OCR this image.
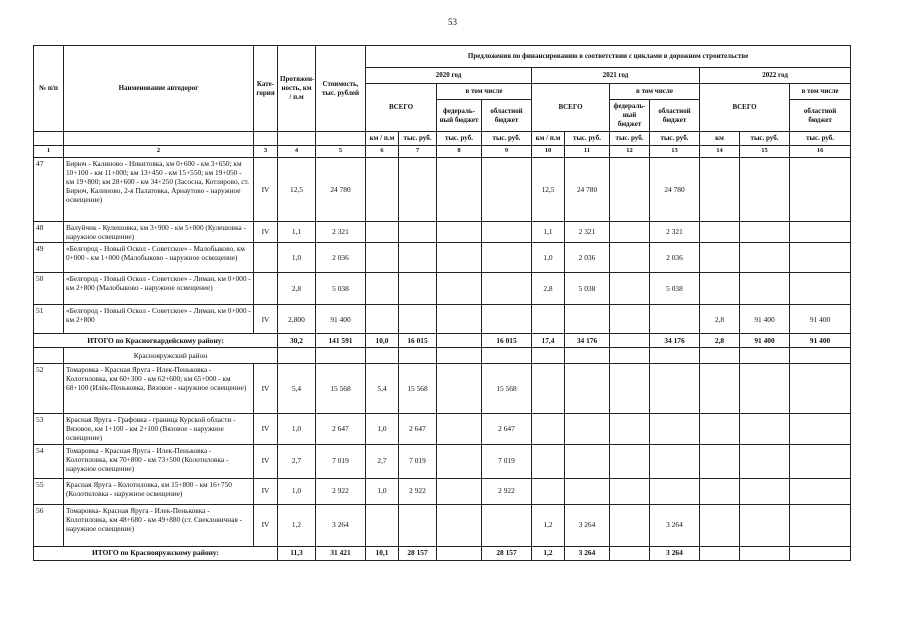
53
№ п/п	Наименование автодорог	Кате-гория	Протяжен-ность, км / п.м	Стоимость, тыс. рублей	Предложения по финансированию в соответствии с циклами в дорожном строительстве										
					2020 год				2021 год				2022 год		
					ВСЕГО		в том числе		ВСЕГО		в том числе		ВСЕГО		в том числе
							федераль-ный бюджет	областной бюджет			федераль-ный бюджет	областной бюджет			областной бюджет
					км / п.м	тыс. руб.	тыс. руб.	тыс. руб.	км / п.м	тыс. руб.	тыс. руб.	тыс. руб.	км	тыс. руб.	тыс. руб.
1	2	3	4	5	6	7	8	9	10	11	12	13	14	15	16
47	Бирюч - Калиново - Никитовка, км 0+600 - км 3+650; км 10+100 - км 11+000; км 13+450 - км 15+550; км 19+050 - км 19+800; км 28+600 - км 34+250 (Засосна, Котлярово, ст. Бирюч, Калиново, 2-я Палатовка, Арнаутово - наружное освещение)	IV	12,5	24 780					12,5	24 780		24 780			
48	Валуйчик - Кулешовка, км 3+900 - км 5+000 (Кулешовка - наружное освещение)	IV	1,1	2 321					1,1	2 321		2 321			
49	«Белгород - Новый Оскол - Советское» - Малобыково, км 0+000 - км 1+000 (Малобыково - наружное освещение)		1,0	2 036					1,0	2 036		2 036			
50	«Белгород - Новый Оскол - Советское» - Лиман, км 0+000 - км 2+800 (Малобыково - наружное освещение)		2,8	5 038					2,8	5 038		5 038			
51	«Белгород - Новый Оскол - Советское» - Лиман, км 0+000 - км 2+800	IV	2,800	91 400									2,8	91 400	91 400
ИТОГО по Красногвардейскому району:			30,2	141 591	10,0	16 015		16 015	17,4	34 176		34 176	2,8	91 400	91 400
	Краснояружский район														
52	Томаровка - Красная Яруга - Илек-Пеньковка - Колотиловка, км 60+300 - км 62+600; км 65+000 - км 68+100 (Илёк-Пеньковка, Вязовое - наружное освещение)	IV	5,4	15 568	5,4	15 568		15 568							
53	Красная Яруга - Графовка - граница Курской области - Вязовое, км 1+100 - км 2+100 (Вязовое - наружное освещение)	IV	1,0	2 647	1,0	2 647		2 647							
54	Томаровка - Красная Яруга - Илек-Пеньковка - Колотиловка, км 70+800 - км 73+500 (Колотиловка - наружное освещение)	IV	2,7	7 019	2,7	7 019		7 019							
55	Красная Яруга - Колотиловка, км 15+800 - км 16+750 (Колотиловка - наружное освещение)	IV	1,0	2 922	1,0	2 922		2 922							
56	Томаровка- Красная Яруга - Илек-Пеньковка - Колотиловка, км 48+680 - км 49+880 (ст. Свекловичная - наружное освещение)	IV	1,2	3 264					1,2	3 264		3 264			
ИТОГО по Краснояружскому району:			11,3	31 421	10,1	28 157		28 157	1,2	3 264		3 264			
